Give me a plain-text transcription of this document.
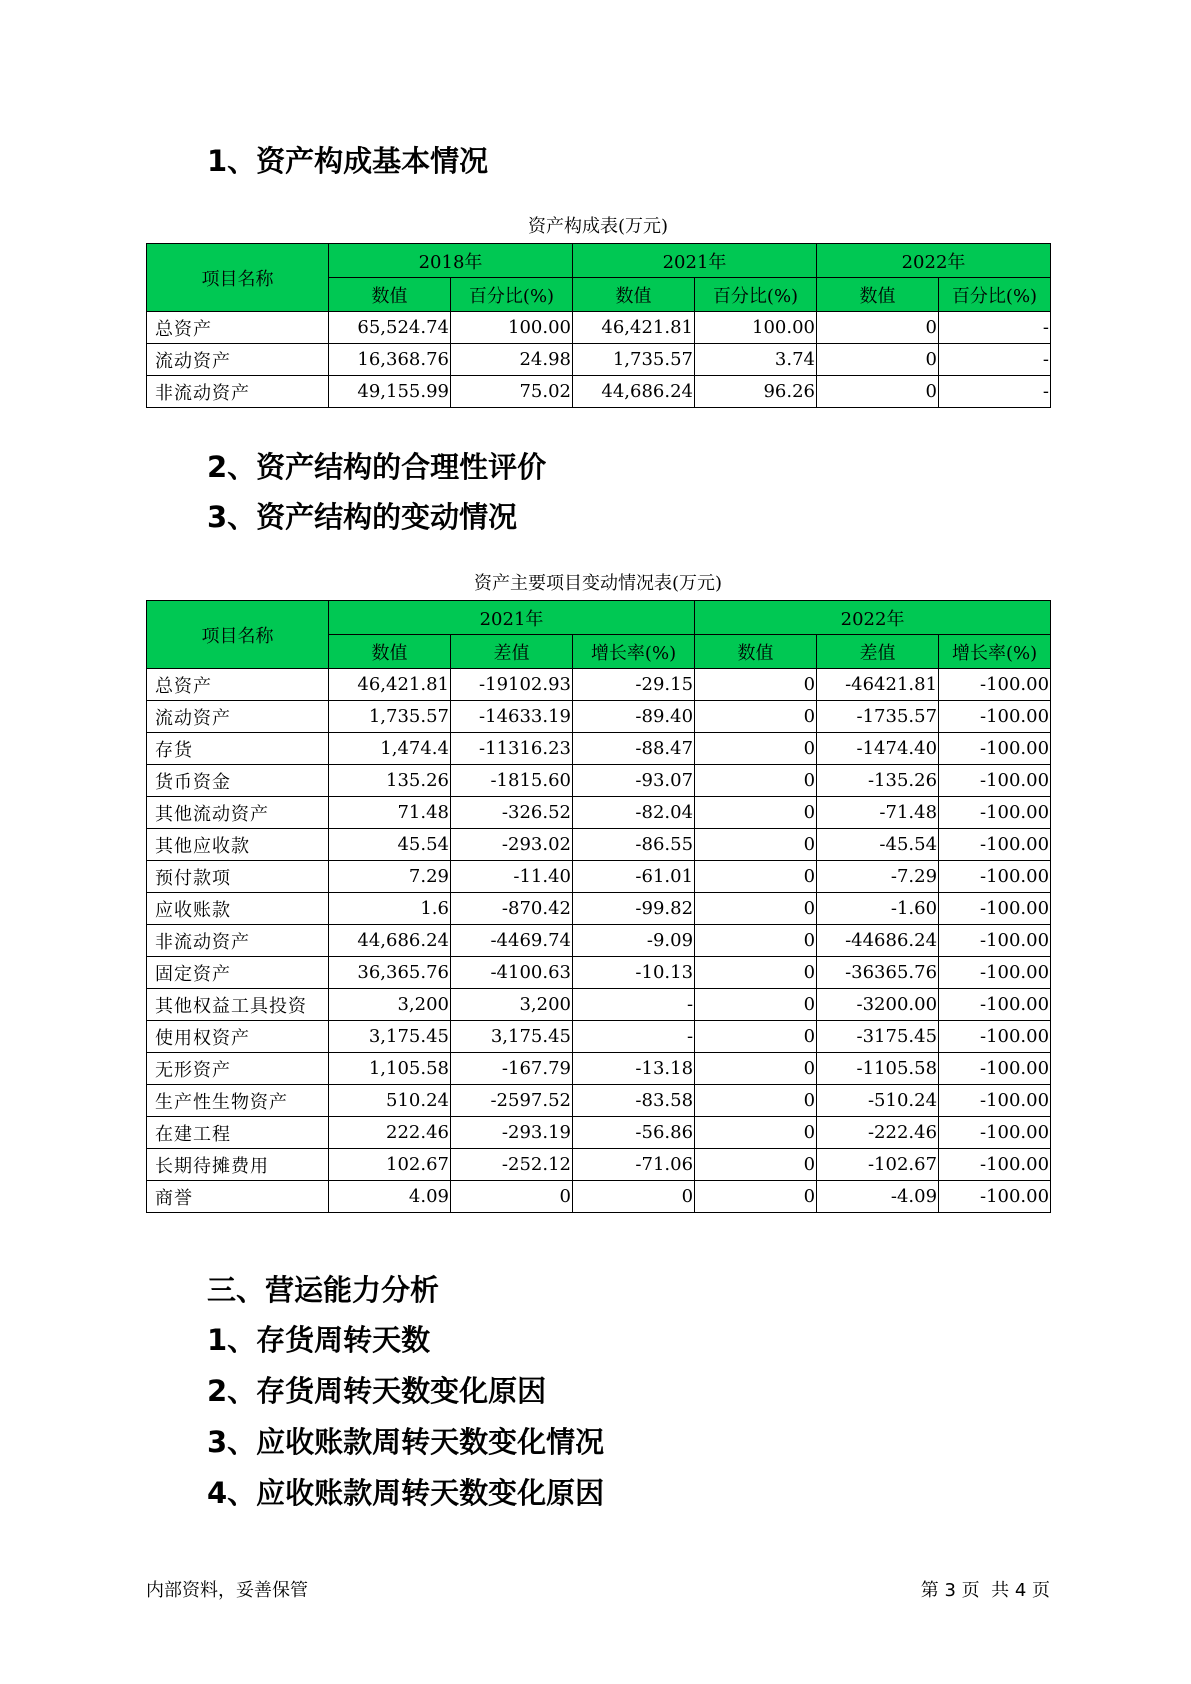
1、资产构成基本情况
资产构成表(万元)
项目名称	2018年		2021年		2022年	
	数值	百分比(%)	数值	百分比(%)	数值	百分比(%)
总资产	65,524.74	100.00	46,421.81	100.00	0	-
流动资产	16,368.76	24.98	1,735.57	3.74	0	-
非流动资产	49,155.99	75.02	44,686.24	96.26	0	-
2、资产结构的合理性评价
3、资产结构的变动情况
资产主要项目变动情况表(万元)
项目名称	2021年			2022年		
	数值	差值	增长率(%)	数值	差值	增长率(%)
总资产	46,421.81	-19102.93	-29.15	0	-46421.81	-100.00
流动资产	1,735.57	-14633.19	-89.40	0	-1735.57	-100.00
存货	1,474.4	-11316.23	-88.47	0	-1474.40	-100.00
货币资金	135.26	-1815.60	-93.07	0	-135.26	-100.00
其他流动资产	71.48	-326.52	-82.04	0	-71.48	-100.00
其他应收款	45.54	-293.02	-86.55	0	-45.54	-100.00
预付款项	7.29	-11.40	-61.01	0	-7.29	-100.00
应收账款	1.6	-870.42	-99.82	0	-1.60	-100.00
非流动资产	44,686.24	-4469.74	-9.09	0	-44686.24	-100.00
固定资产	36,365.76	-4100.63	-10.13	0	-36365.76	-100.00
其他权益工具投资	3,200	3,200	-	0	-3200.00	-100.00
使用权资产	3,175.45	3,175.45	-	0	-3175.45	-100.00
无形资产	1,105.58	-167.79	-13.18	0	-1105.58	-100.00
生产性生物资产	510.24	-2597.52	-83.58	0	-510.24	-100.00
在建工程	222.46	-293.19	-56.86	0	-222.46	-100.00
长期待摊费用	102.67	-252.12	-71.06	0	-102.67	-100.00
商誉	4.09	0	0	0	-4.09	-100.00
三、营运能力分析
1、存货周转天数
2、存货周转天数变化原因
3、应收账款周转天数变化情况
4、应收账款周转天数变化原因
内部资料，妥善保管	第 3 页  共 4 页
